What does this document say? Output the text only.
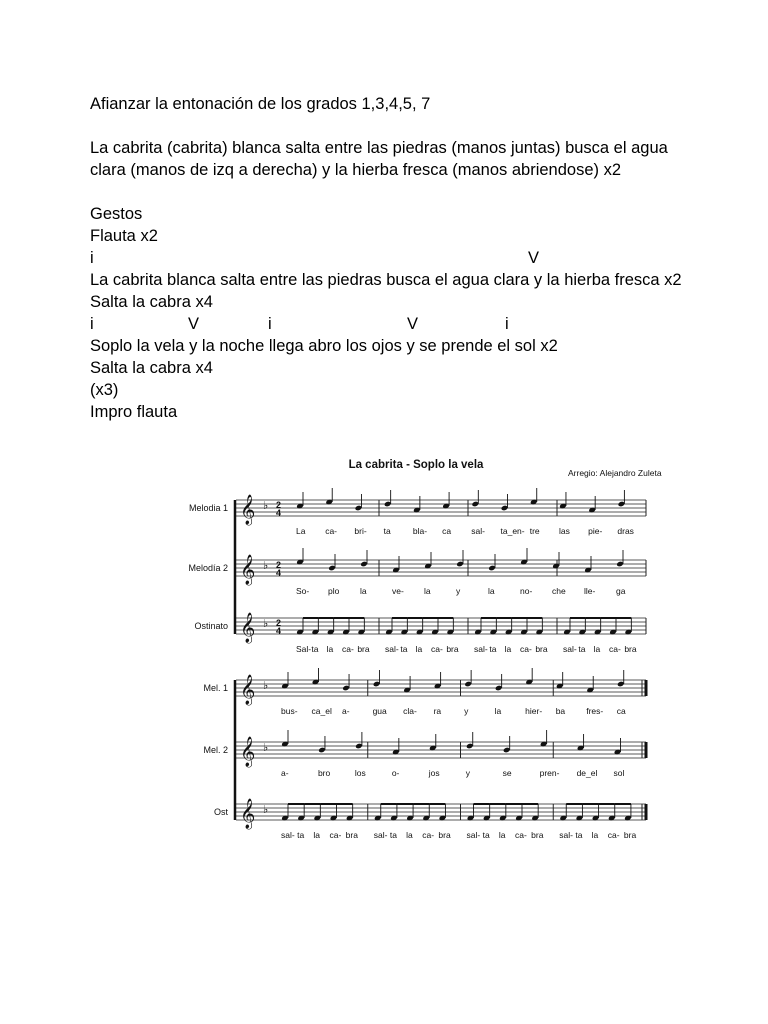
Afianzar la entonación de los grados 1,3,4,5, 7
La cabrita (cabrita) blanca salta entre las piedras (manos juntas) busca el agua
clara (manos de izq a derecha) y la hierba fresca (manos abriendose) x2
Gestos
Flauta x2
i	V
La cabrita blanca salta entre las piedras busca el agua clara y la hierba fresca x2
Salta la cabra x4
i	V	i	V	i
Soplo la vela y la noche llega abro los ojos y se prende el sol x2
Salta la cabra x4
(x3)
Impro flauta
La cabrita - Soplo la vela
Arregio: Alejandro Zuleta
Melodia 1 𝄞 ♭ 2
4
La ca- bri- ta	bla- ca sal- ta_en- tre las pie- dras
Melodía 2 𝄞 ♭ 2
4
So- plo la	ve- la	y	la	no- che lle- ga
Ostinato 𝄞 ♭ 2
4
Sal- ta la ca- bra sal- ta la ca- bra sal- ta la ca- bra sal- ta la ca- bra
Mel. 1 𝄞 ♭
bus- ca_el a-	gua cla- ra	y	la	hier- ba fres- ca
Mel. 2 𝄞 ♭
a-	bro	los	o-	jos	y	se	pren- de_el sol
Ost 𝄞 ♭
sal- ta la ca- bra sal- ta la ca- bra sal- ta la ca- bra sal- ta la ca- bra
